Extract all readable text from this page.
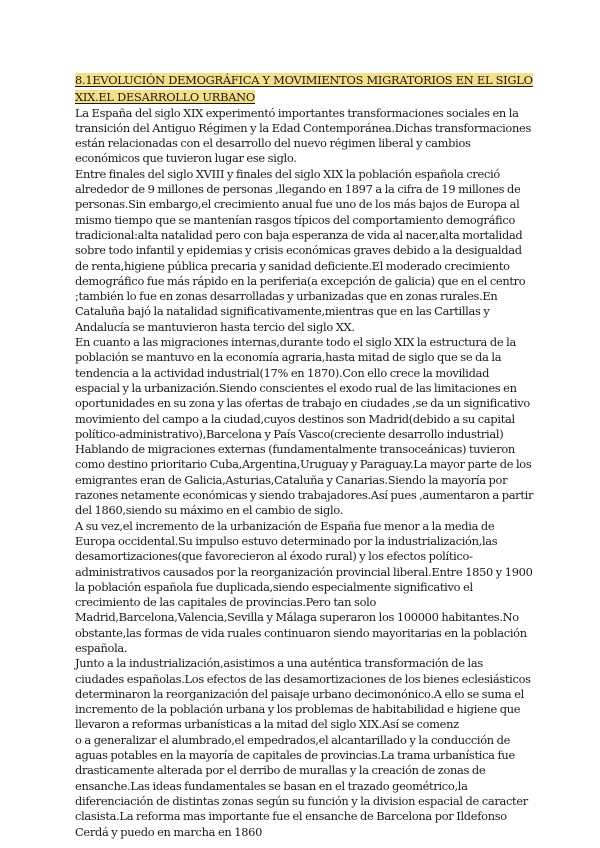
8.1EVOLUCIÓN DEMOGRÁFICA Y MOVIMIENTOS MIGRATORIOS EN EL SIGLO XIX.EL DESARROLLO URBANO

La España del siglo XIX experimentó importantes transformaciones sociales en la transición del Antiguo Régimen y la Edad Contemporánea.Dichas transformaciones están relacionadas con el desarrollo del nuevo régimen liberal y cambios económicos que tuvieron lugar ese siglo.

Entre finales del siglo XVIII y finales del siglo XIX la población española creció alrededor de 9 millones de personas ,llegando en 1897 a la cifra de 19 millones de personas.Sin embargo,el crecimiento anual fue uno de los más bajos de Europa al mismo tiempo que se mantenían rasgos típicos del comportamiento demográfico tradicional:alta natalidad pero con baja esperanza de vida al nacer,alta mortalidad sobre todo infantil y epidemias y crisis económicas graves debido a la desigualdad de renta,higiene pública precaria y sanidad deficiente.El moderado crecimiento demográfico fue más rápido en la periferia(a excepción de galicia) que en el centro ;también lo fue en zonas desarrolladas y urbanizadas que en zonas rurales.En Cataluña bajó la natalidad significativamente,mientras que en las Cartillas y Andalucía se mantuvieron hasta tercio del siglo XX.

En cuanto a las migraciones internas,durante todo el siglo XIX la estructura de la población se mantuvo en la economía agraria,hasta mitad de siglo que se da la tendencia a la actividad industrial(17% en 1870).Con ello crece la movilidad espacial y la urbanización.Siendo conscientes el exodo rual de las limitaciones en oportunidades en su zona y las ofertas de trabajo en ciudades ,se da un significativo movimiento del campo a la ciudad,cuyos destinos son Madrid(debido a su capital político-administrativo),Barcelona y País Vasco(creciente desarrollo industrial)

Hablando de migraciones externas (fundamentalmente transoceánicas) tuvieron como destino prioritario Cuba,Argentina,Uruguay y Paraguay.La mayor parte de los emigrantes eran de Galicia,Asturias,Cataluña y Canarias.Siendo la mayoría por razones netamente económicas y siendo trabajadores.Así pues ,aumentaron a partir del 1860,siendo su máximo en el cambio de siglo.

A su vez,el incremento de la urbanización de España fue menor a la media de Europa occidental.Su impulso estuvo determinado por la industrialización,las desamortizaciones(que favorecieron al éxodo rural) y los efectos político-administrativos causados por la reorganización provincial liberal.Entre 1850 y 1900 la población española fue duplicada,siendo especialmente significativo el crecimiento de las capitales de provincias.Pero tan solo Madrid,Barcelona,Valencia,Sevilla y Málaga superaron los 100000 habitantes.No obstante,las formas de vida ruales continuaron siendo mayoritarias en la población española.

Junto a la industrialización,asistimos a una auténtica transformación de las ciudades españolas.Los efectos de las desamortizaciones de los bienes eclesiásticos determinaron la reorganización del paisaje urbano decimonónico.A ello se suma el incremento de la población urbana y los problemas de habitabilidad e higiene que llevaron a reformas urbanísticas a la mitad del siglo XIX.Así se comenz

o a generalizar el alumbrado,el empedrados,el alcantarillado y la conducción de aguas potables en la mayoría de capitales de provincias.La trama urbanística fue drasticamente alterada por el derribo de murallas y la creación de zonas de ensanche.Las ideas fundamentales se basan en el trazado geométrico,la diferenciación de distintas zonas según su función y la division espacial de caracter clasista.La reforma mas importante fue el ensanche de Barcelona por Ildefonso Cerdá y puedo en marcha en 1860
